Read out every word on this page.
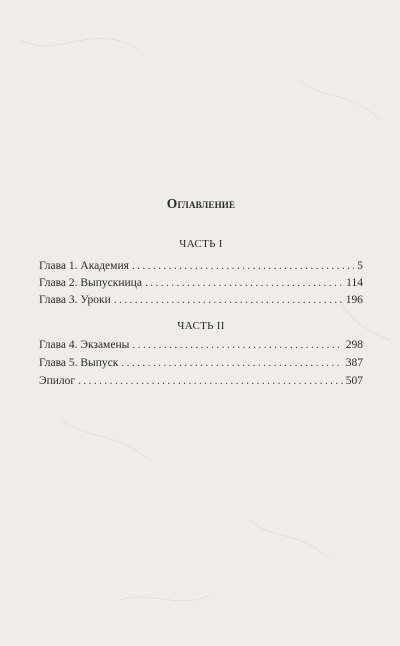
Оглавление
ЧАСТЬ I
Глава 1. Академия . . .	5
Глава 2. Выпускница . . .	114
Глава 3. Уроки . . .	196
ЧАСТЬ II
Глава 4. Экзамены . . .	298
Глава 5. Выпуск . . .	387
Эпилог . . .	507
